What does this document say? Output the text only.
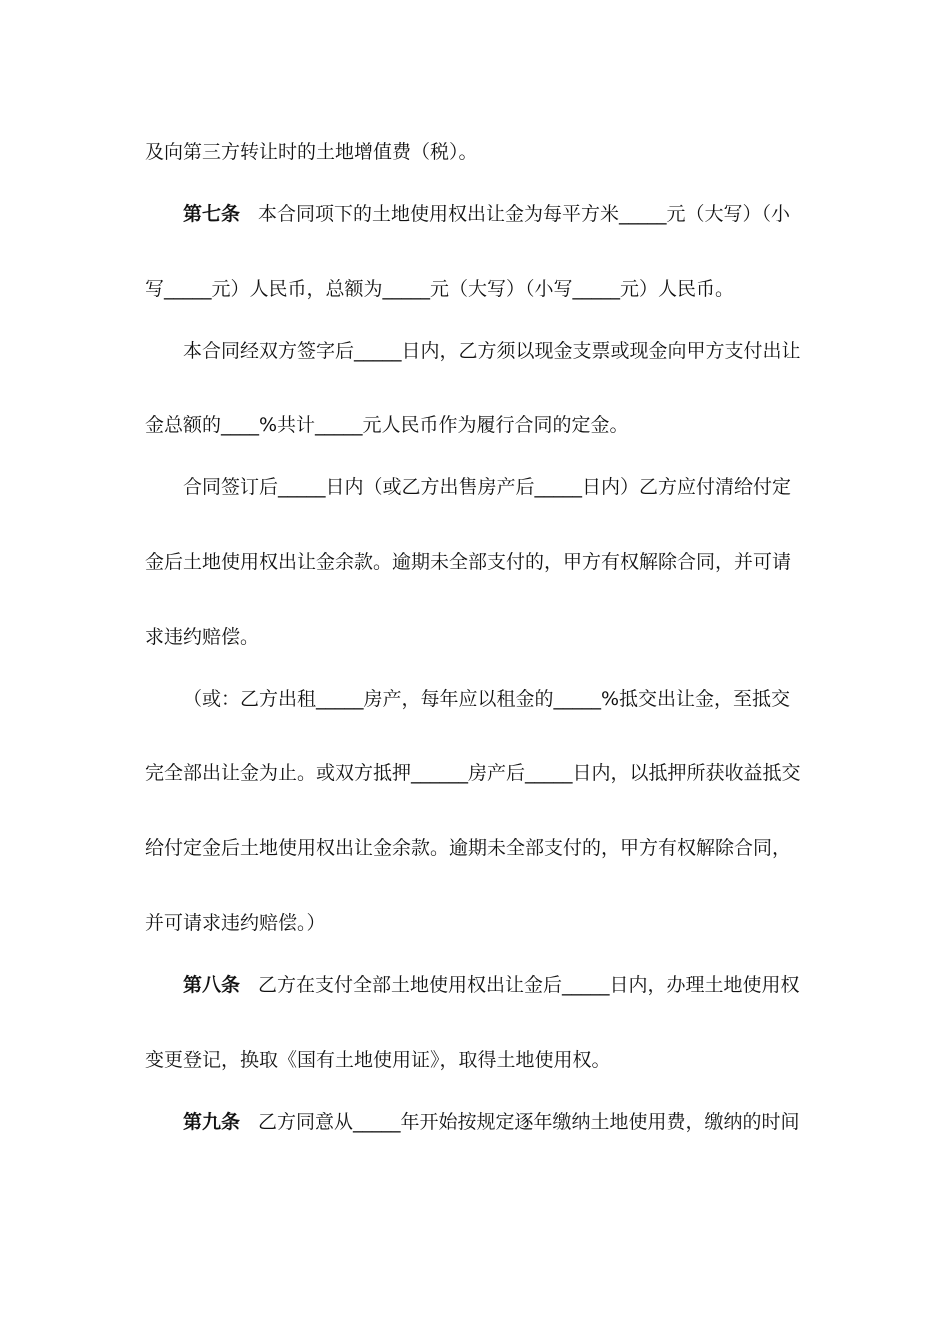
及向第三方转让时的土地增值费（税）。
第七条 本合同项下的土地使用权出让金为每平方米_____元（大写）（小
写_____元）人民币，总额为_____元（大写）（小写_____元）人民币。
本合同经双方签字后_____日内，乙方须以现金支票或现金向甲方支付出让
金总额的____%共计_____元人民币作为履行合同的定金。
合同签订后_____日内（或乙方出售房产后_____日内）乙方应付清给付定
金后土地使用权出让金余款。逾期未全部支付的，甲方有权解除合同，并可请
求违约赔偿。
（或：乙方出租_____房产，每年应以租金的_____%抵交出让金，至抵交
完全部出让金为止。或双方抵押______房产后_____日内，以抵押所获收益抵交
给付定金后土地使用权出让金余款。逾期未全部支付的，甲方有权解除合同，
并可请求违约赔偿。）
第八条 乙方在支付全部土地使用权出让金后_____日内，办理土地使用权
变更登记，换取《国有土地使用证》，取得土地使用权。
第九条 乙方同意从_____年开始按规定逐年缴纳土地使用费，缴纳的时间
